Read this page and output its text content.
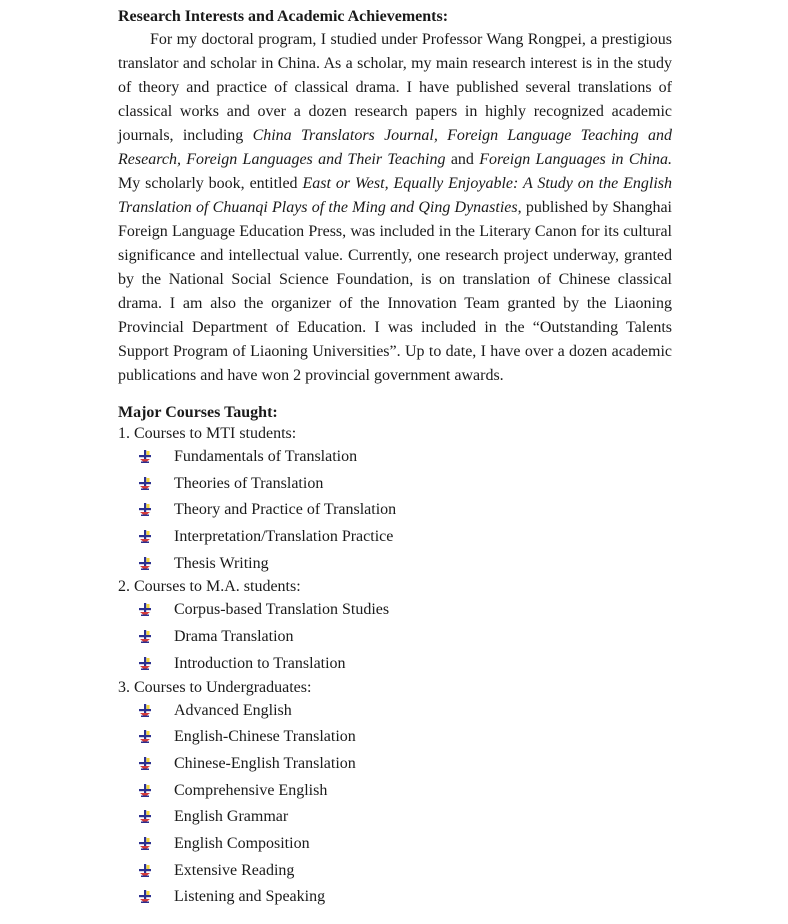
Research Interests and Academic Achievements:

For my doctoral program, I studied under Professor Wang Rongpei, a prestigious translator and scholar in China. As a scholar, my main research interest is in the study of theory and practice of classical drama. I have published several translations of classical works and over a dozen research papers in highly recognized academic journals, including China Translators Journal, Foreign Language Teaching and Research, Foreign Languages and Their Teaching and Foreign Languages in China. My scholarly book, entitled East or West, Equally Enjoyable: A Study on the English Translation of Chuanqi Plays of the Ming and Qing Dynasties, published by Shanghai Foreign Language Education Press, was included in the Literary Canon for its cultural significance and intellectual value. Currently, one research project underway, granted by the National Social Science Foundation, is on translation of Chinese classical drama. I am also the organizer of the Innovation Team granted by the Liaoning Provincial Department of Education. I was included in the “Outstanding Talents Support Program of Liaoning Universities”. Up to date, I have over a dozen academic publications and have won 2 provincial government awards.

Major Courses Taught:

1. Courses to MTI students:

Fundamentals of Translation
Theories of Translation
Theory and Practice of Translation
Interpretation/Translation Practice
Thesis Writing

2. Courses to M.A. students:

Corpus-based Translation Studies
Drama Translation
Introduction to Translation

3. Courses to Undergraduates:

Advanced English
English-Chinese Translation
Chinese-English Translation
Comprehensive English
English Grammar
English Composition
Extensive Reading
Listening and Speaking
